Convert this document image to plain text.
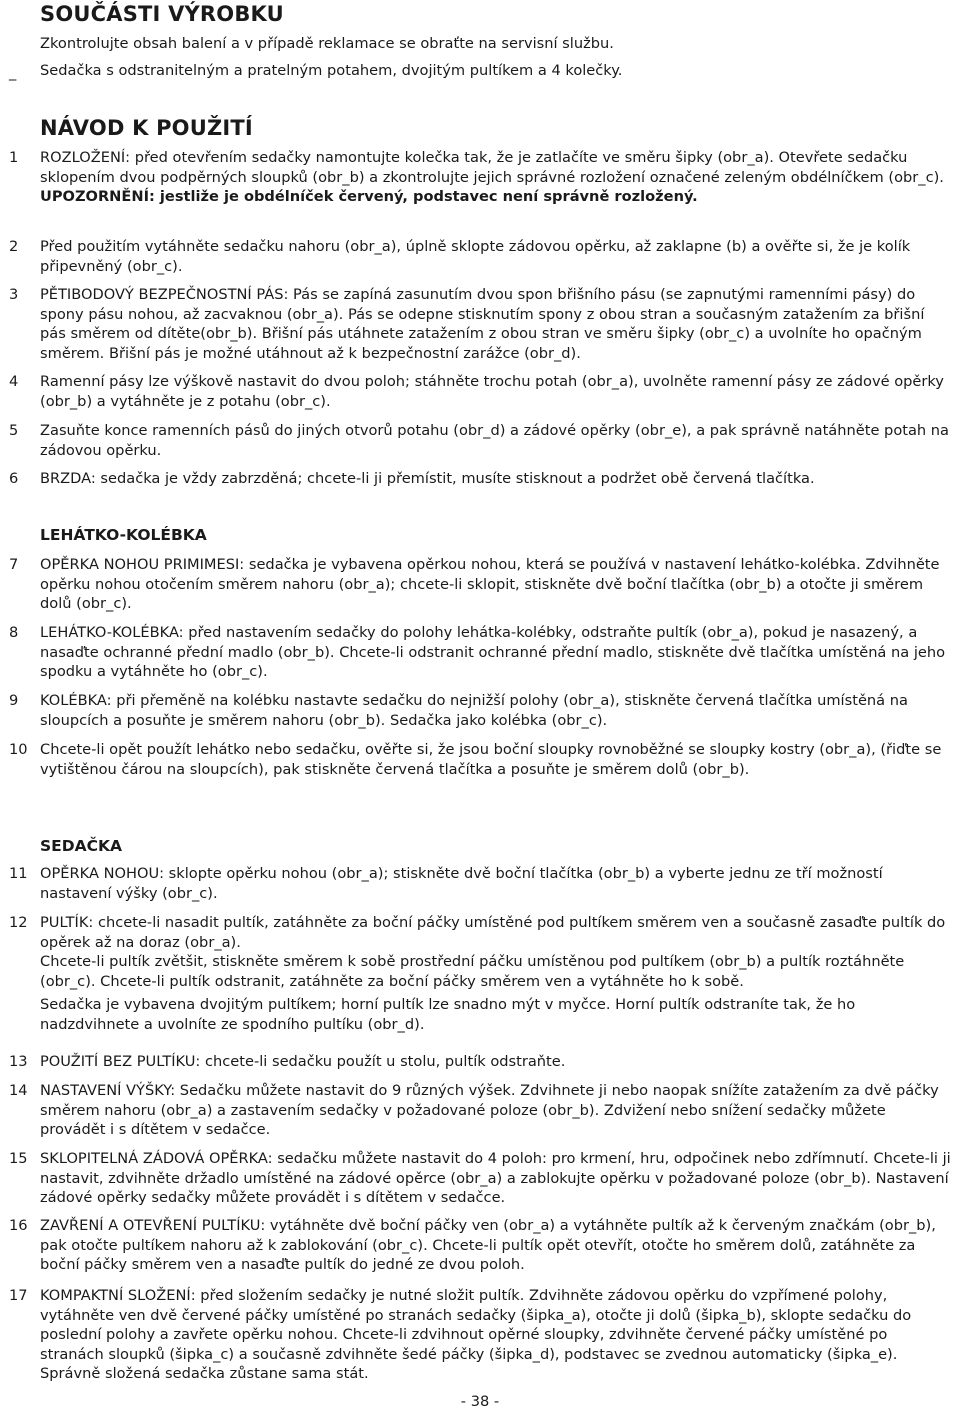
SOUČÁSTI VÝROBKU

Zkontrolujte obsah balení a v případě reklamace se obraťte na servisní službu.

_ Sedačka s odstranitelným a pratelným potahem, dvojitým pultíkem a 4 kolečky.

NÁVOD K POUŽITÍ
1	ROZLOŽENÍ: před otevřením sedačky namontujte kolečka tak, že je zatlačíte ve směru šipky (obr_a). Otevřete sedačku sklopením dvou podpěrných sloupků (obr_b) a zkontrolujte jejich správné rozložení označené zeleným obdélníčkem (obr_c). UPOZORNĚNÍ: jestliže je obdélníček červený, podstavec není správně rozložený.

2	Před použitím vytáhněte sedačku nahoru (obr_a), úplně sklopte zádovou opěrku, až zaklapne (b) a ověřte si, že je kolík připevněný (obr_c).

3	PĚTIBODOVÝ BEZPEČNOSTNÍ PÁS: Pás se zapíná zasunutím dvou spon břišního pásu (se zapnutými ramenními pásy) do spony pásu nohou, až zacvaknou (obr_a). Pás se odepne stisknutím spony z obou stran a současným zatažením za břišní pás směrem od dítěte(obr_b). Břišní pás utáhnete zatažením z obou stran ve směru šipky (obr_c) a uvolníte ho opačným směrem. Břišní pás je možné utáhnout až k bezpečnostní zarážce (obr_d).

4	Ramenní pásy lze výškově nastavit do dvou poloh; stáhněte trochu potah (obr_a), uvolněte ramenní pásy ze zádové opěrky (obr_b) a vytáhněte je z potahu (obr_c).

5	Zasuňte konce ramenních pásů do jiných otvorů potahu (obr_d) a zádové opěrky (obr_e), a pak správně natáhněte potah na zádovou opěrku.

6	BRZDA: sedačka je vždy zabrzděná; chcete-li ji přemístit, musíte stisknout a podržet obě červená tlačítka.

LEHÁTKO-KOLÉBKA
7	OPĚRKA NOHOU PRIMIMESI: sedačka je vybavena opěrkou nohou, která se používá v nastavení lehátko-kolébka. Zdvihněte opěrku nohou otočením směrem nahoru (obr_a); chcete-li sklopit, stiskněte dvě boční tlačítka (obr_b) a otočte ji směrem dolů (obr_c).

8	LEHÁTKO-KOLÉBKA: před nastavením sedačky do polohy lehátka-kolébky, odstraňte pultík (obr_a), pokud je nasazený, a nasaďte ochranné přední madlo (obr_b). Chcete-li odstranit ochranné přední madlo, stiskněte dvě tlačítka umístěná na jeho spodku a vytáhněte ho (obr_c).

9	KOLÉBKA: při přeměně na kolébku nastavte sedačku do nejnižší polohy (obr_a), stiskněte červená tlačítka umístěná na sloupcích a posuňte je směrem nahoru (obr_b). Sedačka jako kolébka (obr_c).

10 Chcete-li opět použít lehátko nebo sedačku, ověřte si, že jsou boční sloupky rovnoběžné se sloupky kostry (obr_a), (řiďte se vytištěnou čárou na sloupcích), pak stiskněte červená tlačítka a posuňte je směrem dolů (obr_b).

SEDAČKA
11 OPĚRKA NOHOU: sklopte opěrku nohou (obr_a); stiskněte dvě boční tlačítka (obr_b) a vyberte jednu ze tří možností nastavení výšky (obr_c).

12 PULTÍK: chcete-li nasadit pultík, zatáhněte za boční páčky umístěné pod pultíkem směrem ven a současně zasaďte pultík do opěrek až na doraz (obr_a).

Chcete-li pultík zvětšit, stiskněte směrem k sobě prostřední páčku umístěnou pod pultíkem (obr_b) a pultík roztáhněte (obr_c). Chcete-li pultík odstranit, zatáhněte za boční páčky směrem ven a vytáhněte ho k sobě.

Sedačka je vybavena dvojitým pultíkem; horní pultík lze snadno mýt v myčce. Horní pultík odstraníte tak, že ho nadzdvihnete a uvolníte ze spodního pultíku (obr_d).

13 POUŽITÍ BEZ PULTÍKU: chcete-li sedačku použít u stolu, pultík odstraňte.

14 NASTAVENÍ VÝŠKY: Sedačku můžete nastavit do 9 různých výšek. Zdvihnete ji nebo naopak snížíte zatažením za dvě páčky směrem nahoru (obr_a) a zastavením sedačky v požadované poloze (obr_b). Zdvižení nebo snížení sedačky můžete provádět i s dítětem v sedačce.

15 SKLOPITELNÁ ZÁDOVÁ OPĚRKA: sedačku můžete nastavit do 4 poloh: pro krmení, hru, odpočinek nebo zdřímnutí. Chcete-li ji nastavit, zdvihněte držadlo umístěné na zádové opěrce (obr_a) a zablokujte opěrku v požadované poloze (obr_b). Nastavení zádové opěrky sedačky můžete provádět i s dítětem v sedačce.

16 ZAVŘENÍ A OTEVŘENÍ PULTÍKU: vytáhněte dvě boční páčky ven (obr_a) a vytáhněte pultík až k červeným značkám (obr_b), pak otočte pultíkem nahoru až k zablokování (obr_c). Chcete-li pultík opět otevřít, otočte ho směrem dolů, zatáhněte za boční páčky směrem ven a nasaďte pultík do jedné ze dvou poloh.

17 KOMPAKTNÍ SLOŽENÍ: před složením sedačky je nutné složit pultík. Zdvihněte zádovou opěrku do vzpřímené polohy, vytáhněte ven dvě červené páčky umístěné po stranách sedačky (šipka_a), otočte ji dolů (šipka_b), sklopte sedačku do poslední polohy a zavřete opěrku nohou. Chcete-li zdvihnout opěrné sloupky, zdvihněte červené páčky umístěné po stranách sloupků (šipka_c) a současně zdvihněte šedé páčky (šipka_d), podstavec se zvednou automaticky (šipka_e). Správně složená sedačka zůstane sama stát.

- 38 -
